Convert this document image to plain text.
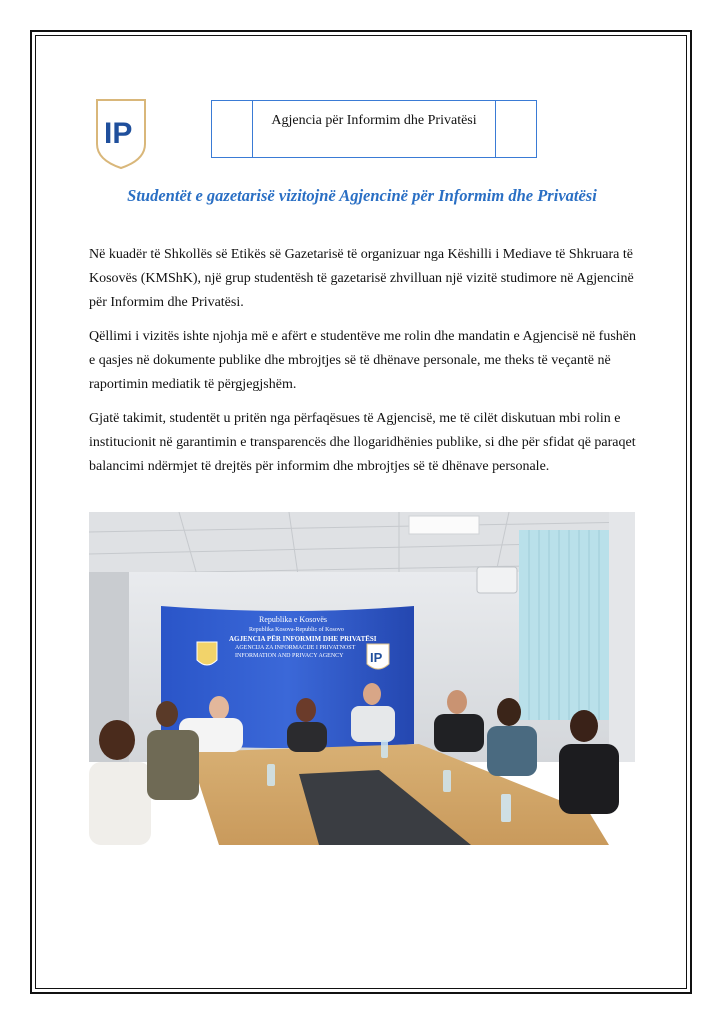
IP	Agjencia për Informim dhe Privatësi
Studentët e gazetarisë vizitojnë Agjencinë për Informim dhe Privatësi

Në kuadër të Shkollës së Etikës së Gazetarisë të organizuar nga Këshilli i Mediave të Shkruara të Kosovës (KMShK), një grup studentësh të gazetarisë zhvilluan një vizitë studimore në Agjencinë për Informim dhe Privatësi.

Qëllimi i vizitës ishte njohja më e afërt e studentëve me rolin dhe mandatin e Agjencisë në fushën e qasjes në dokumente publike dhe mbrojtjes së të dhënave personale, me theks të veçantë në raportimin mediatik të përgjegjshëm.

Gjatë takimit, studentët u pritën nga përfaqësues të Agjencisë, me të cilët diskutuan mbi rolin e institucionit në garantimin e transparencës dhe llogaridhënies publike, si dhe për sfidat që paraqet balancimi ndërmjet të drejtës për informim dhe mbrojtjes së të dhënave personale.

Republika e Kosovës
Republika Kosova-Republic of Kosovo
AGJENCIA PËR INFORMIM DHE PRIVATËSI
AGENCIJA ZA INFORMACIJE I PRIVATNOST
INFORMATION AND PRIVACY AGENCY IP
